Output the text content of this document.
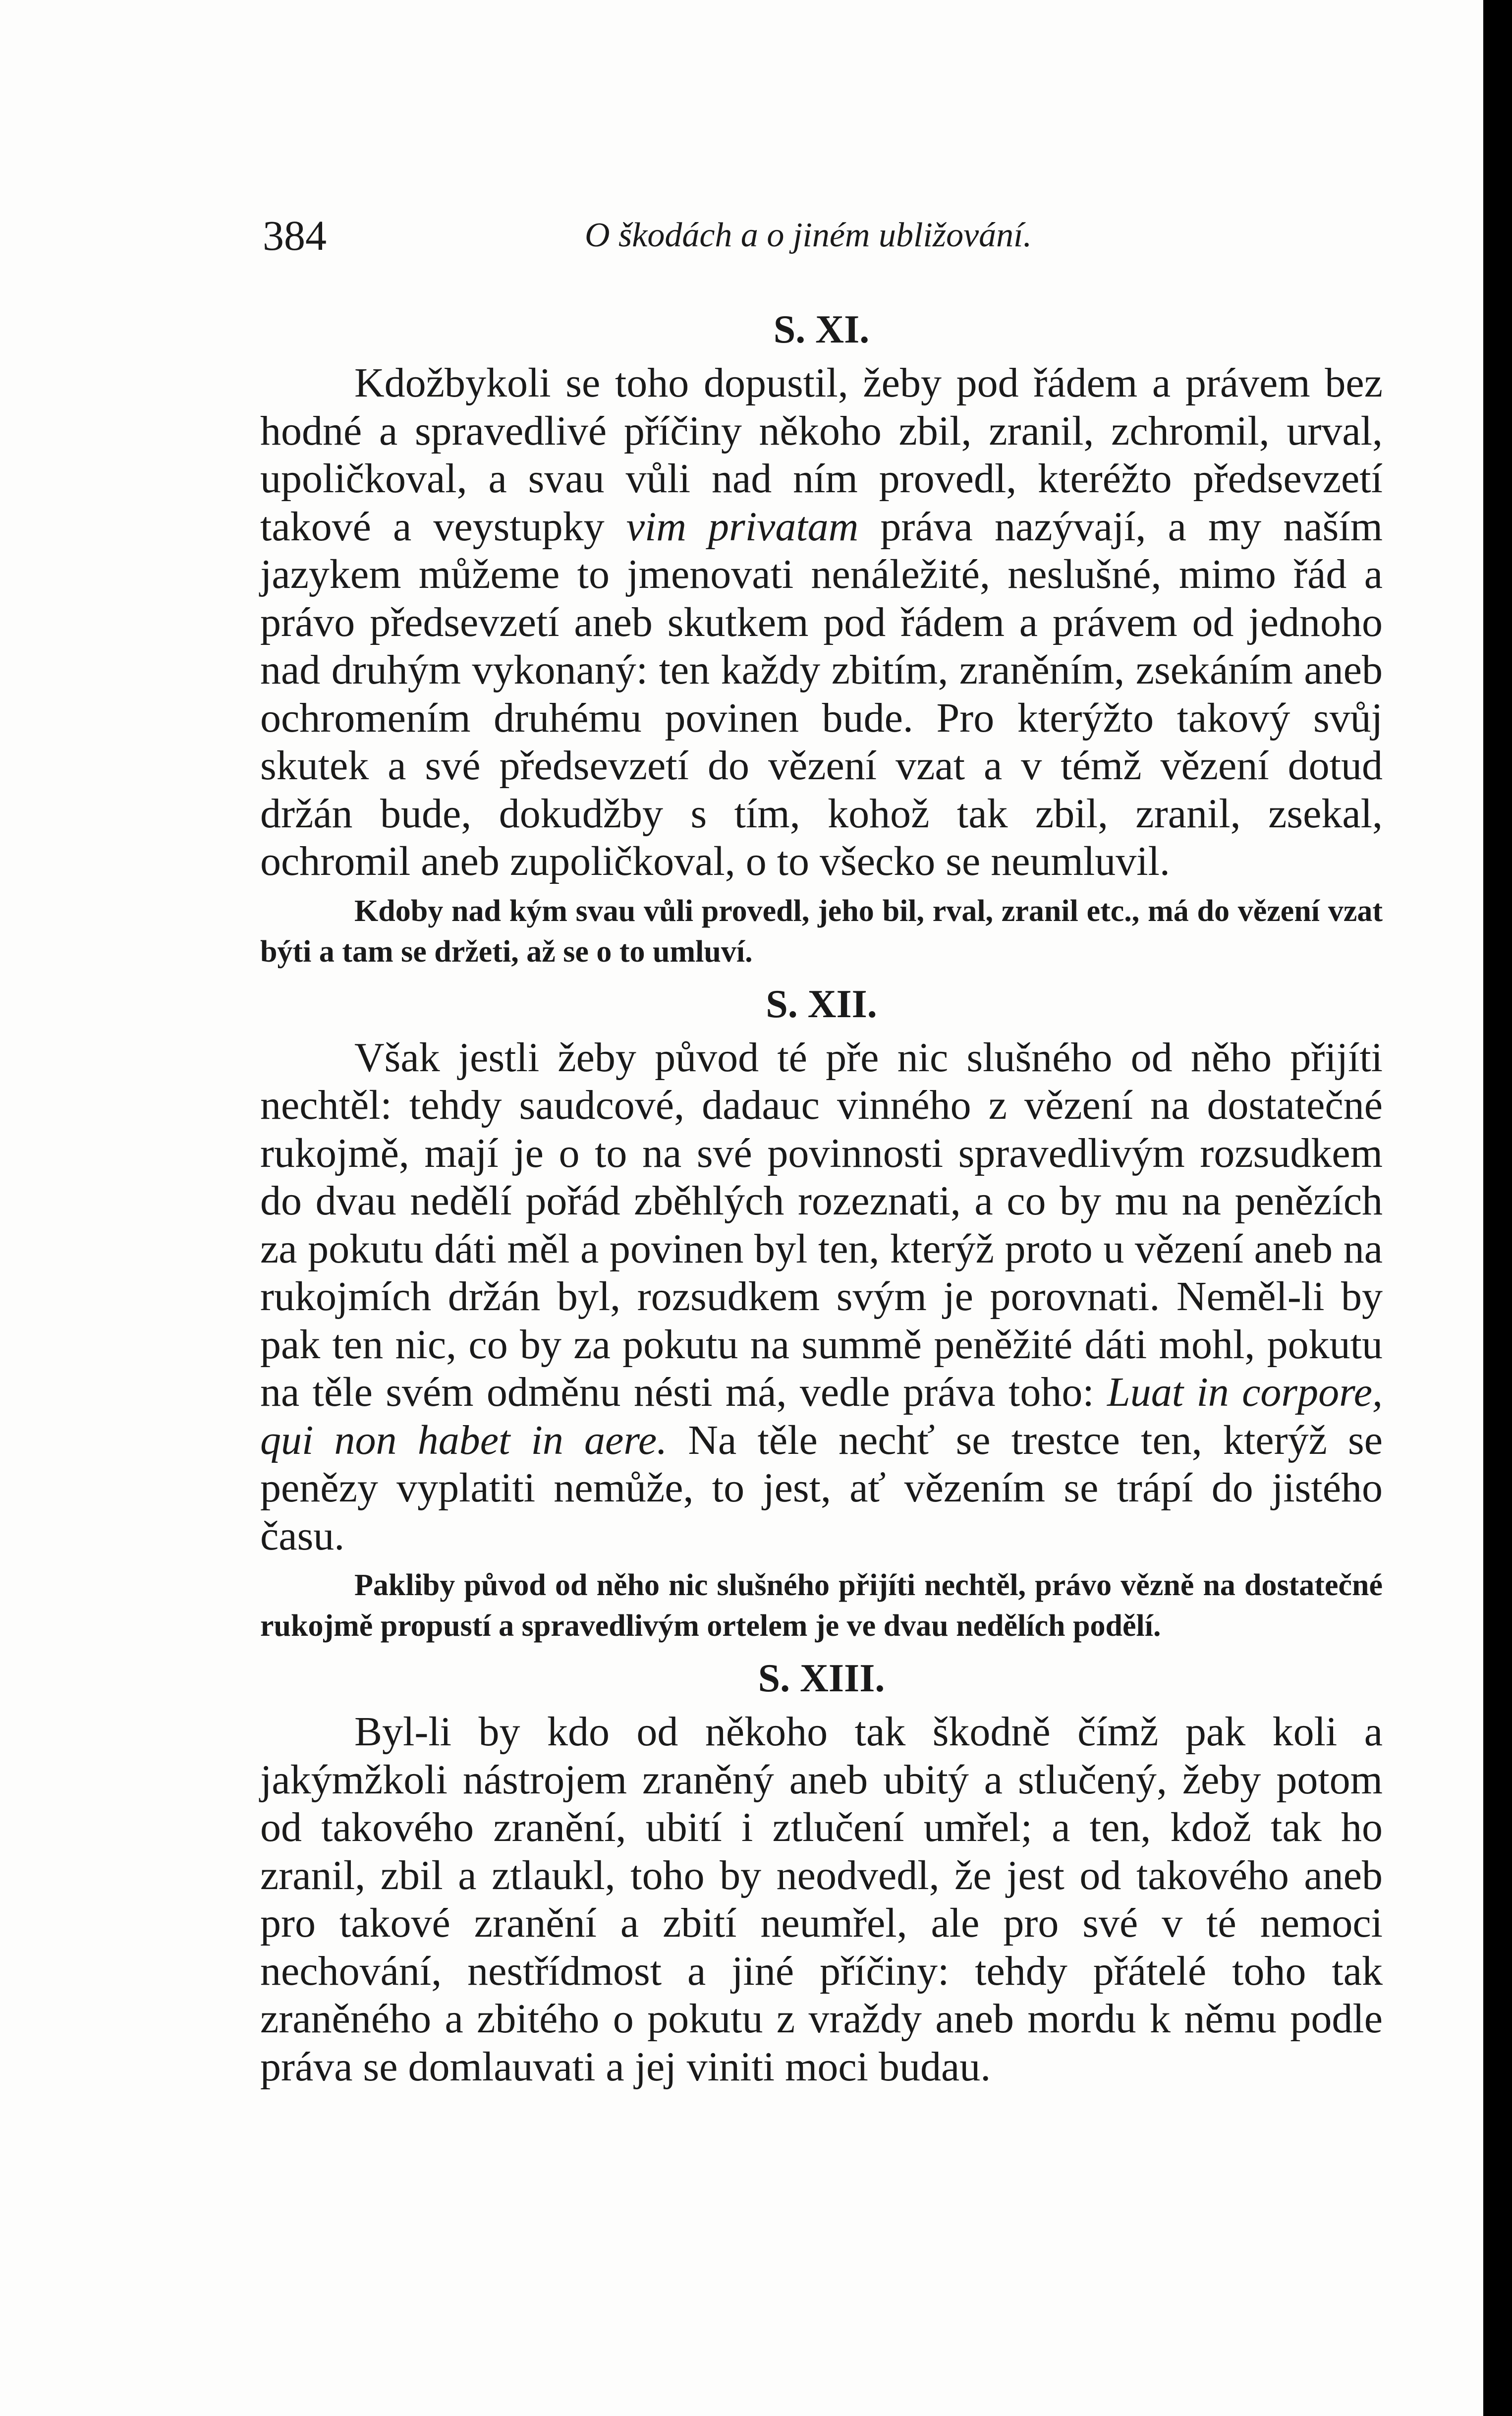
384	O škodách a o jiném ubližování.
S. XI.

Kdožbykoli se toho dopustil, žeby pod řádem a právem bez hodné a spravedlivé příčiny někoho zbil, zranil, zchromil, urval, upoličkoval, a svau vůli nad ním provedl, kteréžto předsevzetí takové a veystupky vim privatam práva nazývají, a my naším jazykem můžeme to jmenovati nenáležité, neslušné, mimo řád a právo předsevzetí aneb skutkem pod řádem a právem od jednoho nad druhým vykonaný: ten každy zbitím, zraněním, zsekáním aneb ochromením druhému povinen bude. Pro kterýžto takový svůj skutek a své předsevzetí do vězení vzat a v témž vězení dotud držán bude, dokudžby s tím, kohož tak zbil, zranil, zsekal, ochromil aneb zupoličkoval, o to všecko se neumluvil.

Kdoby nad kým svau vůli provedl, jeho bil, rval, zranil etc., má do vězení vzat býti a tam se držeti, až se o to umluví.

S. XII.

Však jestli žeby původ té pře nic slušného od něho přijíti nechtěl: tehdy saudcové, dadauc vinného z vězení na dostatečné rukojmě, mají je o to na své povinnosti spravedlivým rozsudkem do dvau nedělí pořád zběhlých rozeznati, a co by mu na penězích za pokutu dáti měl a povinen byl ten, kterýž proto u vězení aneb na rukojmích držán byl, rozsudkem svým je porovnati. Neměl-li by pak ten nic, co by za pokutu na summě peněžité dáti mohl, pokutu na těle svém odměnu nésti má, vedle práva toho: Luat in corpore, qui non habet in aere. Na těle nechť se trestce ten, kterýž se penězy vyplatiti nemůže, to jest, ať vězením se trápí do jistého času.

Pakliby původ od něho nic slušného přijíti nechtěl, právo vězně na dostatečné rukojmě propustí a spravedlivým ortelem je ve dvau nedělích podělí.

S. XIII.

Byl-li by kdo od někoho tak škodně čímž pak koli a jakýmžkoli nástrojem zraněný aneb ubitý a stlučený, žeby potom od takového zranění, ubití i ztlučení umřel; a ten, kdož tak ho zranil, zbil a ztlaukl, toho by neodvedl, že jest od takového aneb pro takové zranění a zbití neumřel, ale pro své v té nemoci nechování, nestřídmost a jiné příčiny: tehdy přátelé toho tak zraněného a zbitého o pokutu z vraždy aneb mordu k němu podle práva se domlauvati a jej viniti moci budau.
